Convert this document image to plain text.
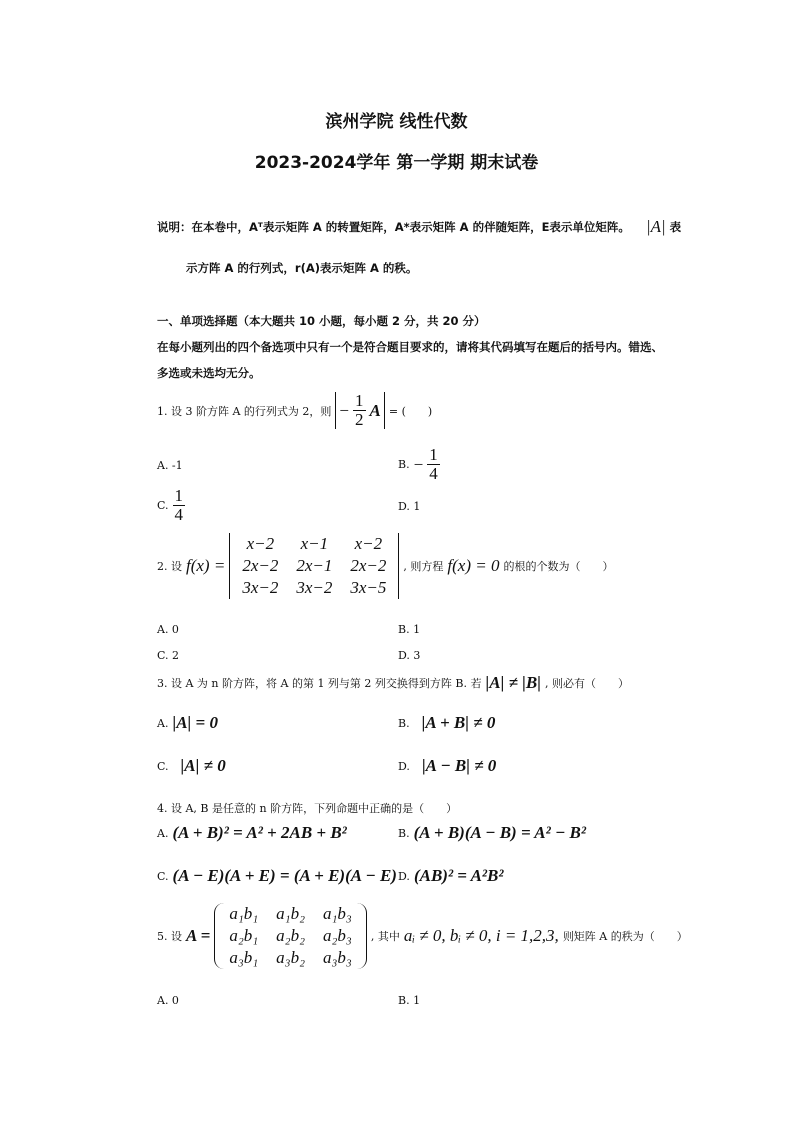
滨州学院 线性代数
2023-2024学年 第一学期 期末试卷
说明：在本卷中，Aᵀ表示矩阵 A 的转置矩阵，A*表示矩阵 A 的伴随矩阵，E表示单位矩阵。 |A| 表
示方阵 A 的行列式，r(A)表示矩阵 A 的秩。
一、单项选择题（本大题共 10 小题，每小题 2 分，共 20 分）
在每小题列出的四个备选项中只有一个是符合题目要求的，请将其代码填写在题后的括号内。错选、
多选或未选均无分。
1. 设 3 阶方阵 A 的行列式为 2，则 − $\frac{1}{2}$ A = (　　)
A. -1	B. − $\frac{1}{4}$
C. $\frac{1}{4}$	D. 1
2. 设 f(x) =
x−2	x−1	x−2
2x−2	2x−1	2x−2
3x−2	3x−2	3x−5
, 则方程 f(x) = 0 的根的个数为（　　）
A. 0	B. 1
C. 2	D. 3
3. 设 A 为 n 阶方阵，将 A 的第 1 列与第 2 列交换得到方阵 B. 若 |A| ≠ |B| , 则必有（　　）
A. |A| = 0	B. |A + B| ≠ 0
C. |A| ≠ 0	D. |A − B| ≠ 0
4. 设 A, B 是任意的 n 阶方阵，下列命题中正确的是（　　）
A. (A + B)² = A² + 2AB + B²	B. (A + B)(A − B) = A² − B²
C. (A − E)(A + E) = (A + E)(A − E) D. (AB)² = A²B²
5. 设 A =
a₁b₁	a₁b₂	a₁b₃
a₂b₁	a₂b₂	a₂b₃
a₃b₁	a₃b₂	a₃b₃
, 其中 aᵢ ≠ 0, bᵢ ≠ 0, i = 1,2,3, 则矩阵 A 的秩为（　　）
A. 0	B. 1
